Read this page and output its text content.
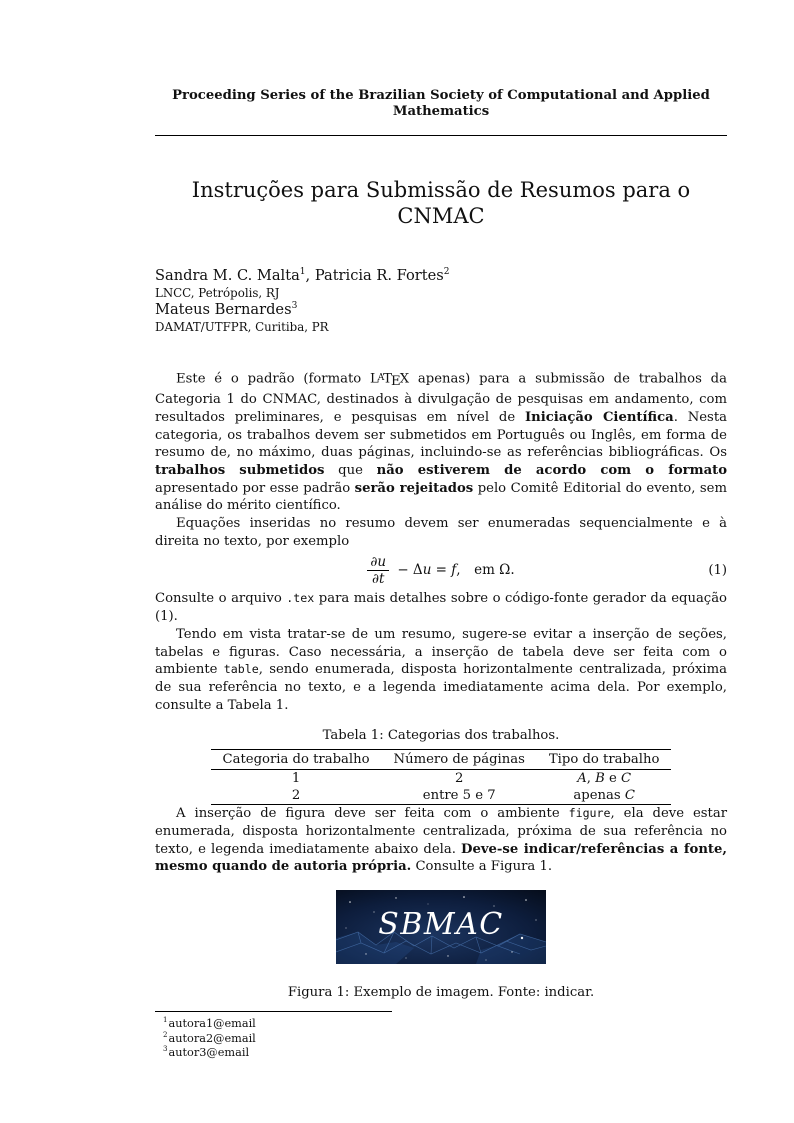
Proceeding Series of the Brazilian Society of Computational and Applied Mathematics
Instruções para Submissão de Resumos para o CNMAC
Sandra M. C. Malta$^1$, Patricia R. Fortes$^2$
LNCC, Petrópolis, RJ
Mateus Bernardes$^3$
DAMAT/UTFPR, Curitiba, PR

Este é o padrão (formato LATEX apenas) para a submissão de trabalhos da Categoria 1 do CNMAC, destinados à divulgação de pesquisas em andamento, com resultados preliminares, e pesquisas em nível de Iniciação Científica. Nesta categoria, os trabalhos devem ser submetidos em Português ou Inglês, em forma de resumo de, no máximo, duas páginas, incluindo-se as referências bibliográficas. Os trabalhos submetidos que não estiverem de acordo com o formato apresentado por esse padrão serão rejeitados pelo Comitê Editorial do evento, sem análise do mérito científico.

Equações inseridas no resumo devem ser enumeradas sequencialmente e à direita no texto, por exemplo

$\frac{\partial u}{\partial t} - \Delta u = f$, em Ω.	(1)

Consulte o arquivo .tex para mais detalhes sobre o código-fonte gerador da equação (1).

Tendo em vista tratar-se de um resumo, sugere-se evitar a inserção de seções, tabelas e figuras. Caso necessária, a inserção de tabela deve ser feita com o ambiente table, sendo enumerada, disposta horizontalmente centralizada, próxima de sua referência no texto, e a legenda imediatamente acima dela. Por exemplo, consulte a Tabela 1.

Tabela 1: Categorias dos trabalhos.
Categoria do trabalho	Número de páginas	Tipo do trabalho
1	2	A, B e C
2	entre 5 e 7	apenas C

A inserção de figura deve ser feita com o ambiente figure, ela deve estar enumerada, disposta horizontalmente centralizada, próxima de sua referência no texto, e legenda imediatamente abaixo dela. Deve-se indicar/referências a fonte, mesmo quando de autoria própria. Consulte a Figura 1.

SBMAC
Figura 1: Exemplo de imagem. Fonte: indicar.
$^1$autora1@email
$^2$autora2@email
$^3$autor3@email
